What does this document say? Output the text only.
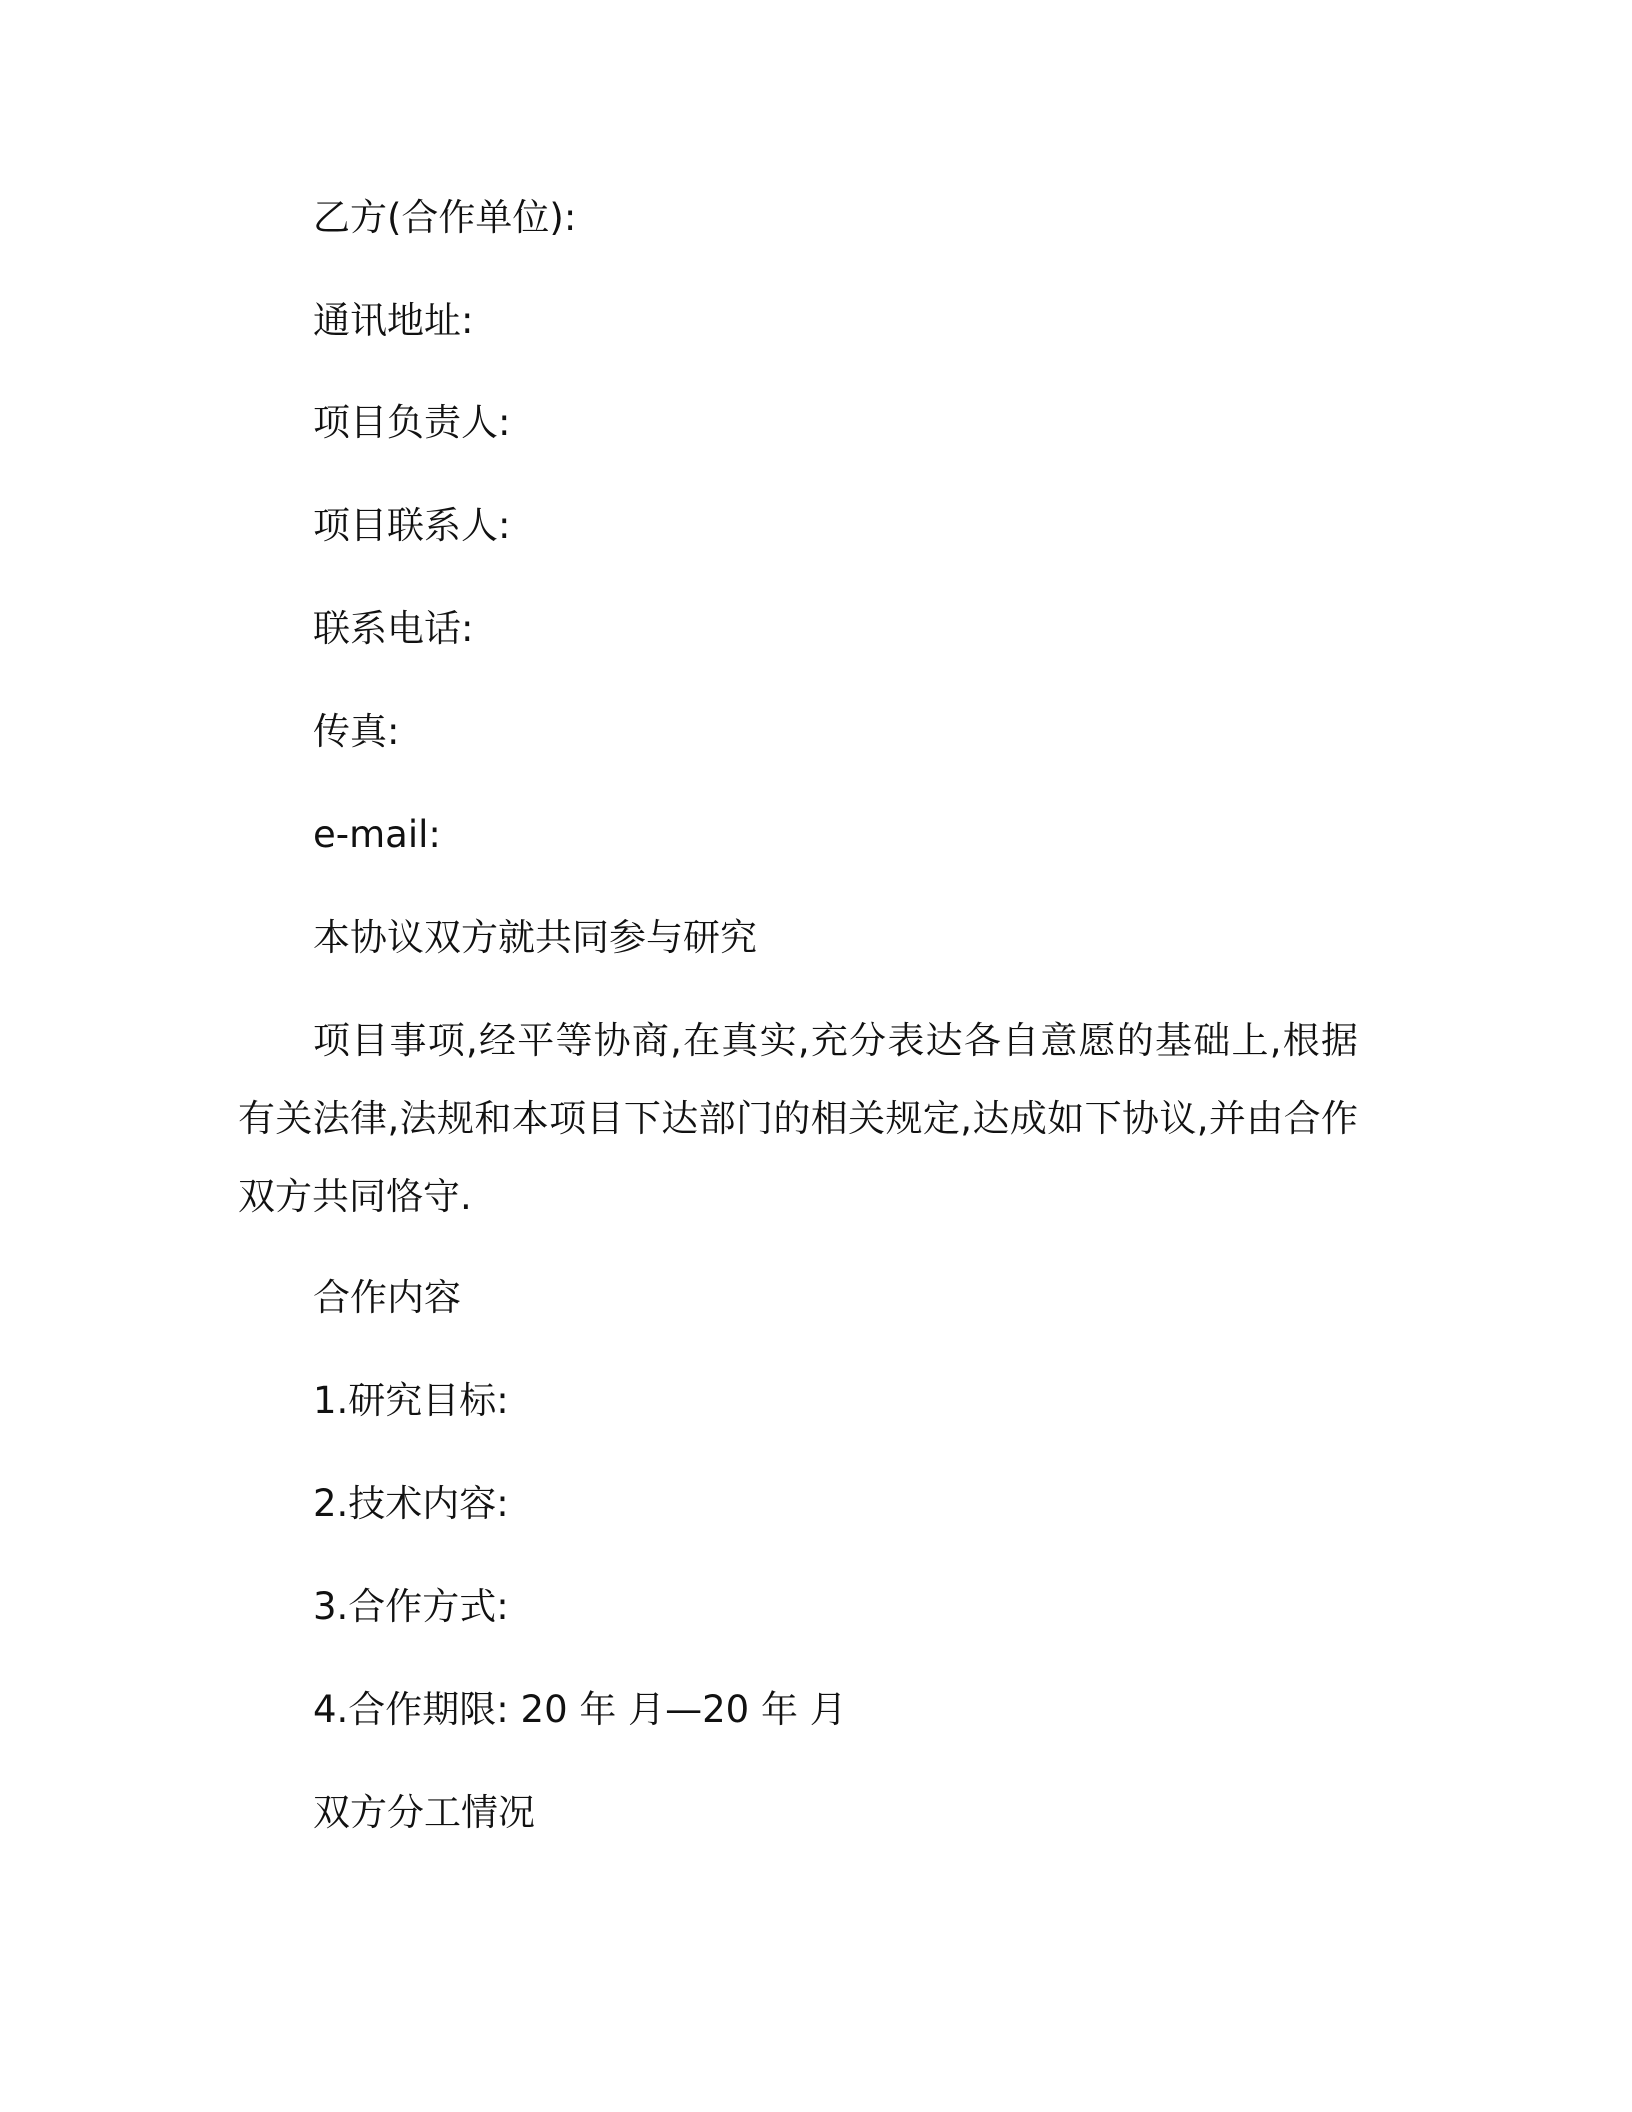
乙方(合作单位):

通讯地址:

项目负责人:

项目联系人:

联系电话:

传真:

e-mail:

本协议双方就共同参与研究

项目事项,经平等协商,在真实,充分表达各自意愿的基础上,根据有关法律,法规和本项目下达部门的相关规定,达成如下协议,并由合作双方共同恪守.

合作内容

1.研究目标:

2.技术内容:

3.合作方式:

4.合作期限: 20 年 月—20 年 月

双方分工情况
